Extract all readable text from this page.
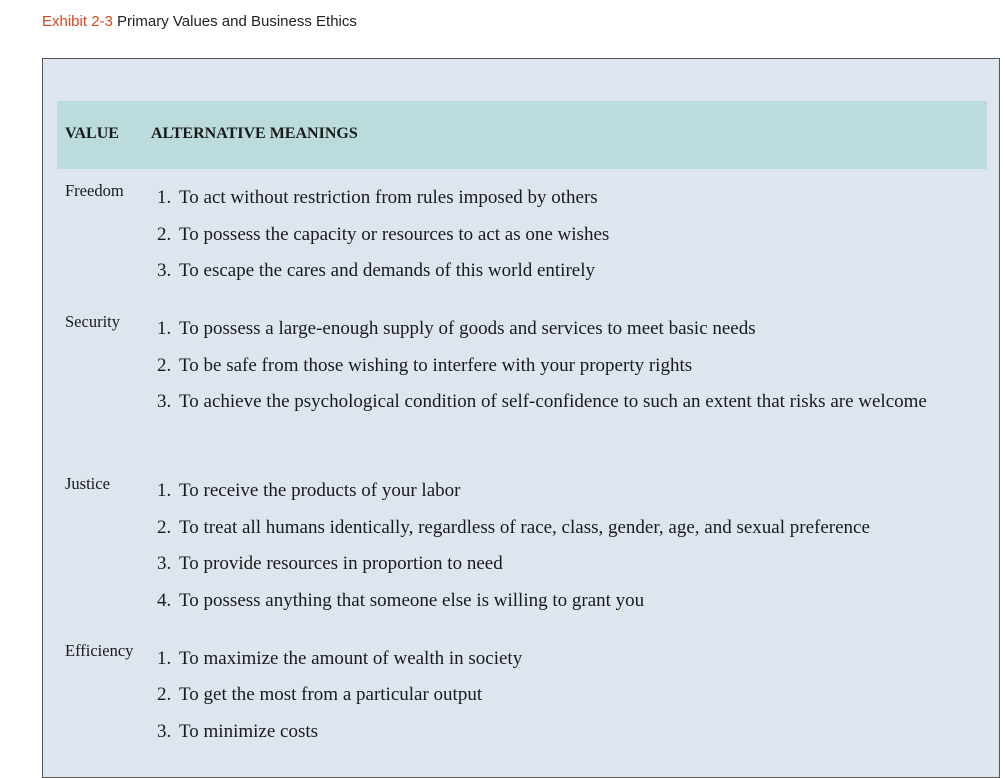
Exhibit 2-3 Primary Values and Business Ethics
VALUE ALTERNATIVE MEANINGS
Freedom 1. To act without restriction from rules imposed by others
2. To possess the capacity or resources to act as one wishes
3. To escape the cares and demands of this world entirely
Security 1. To possess a large-enough supply of goods and services to meet basic needs
2. To be safe from those wishing to interfere with your property rights
3. To achieve the psychological condition of self-confidence to such an extent that risks are welcome
Justice 1. To receive the products of your labor
2. To treat all humans identically, regardless of race, class, gender, age, and sexual preference
3. To provide resources in proportion to need
4. To possess anything that someone else is willing to grant you
Efficiency 1. To maximize the amount of wealth in society
2. To get the most from a particular output
3. To minimize costs
